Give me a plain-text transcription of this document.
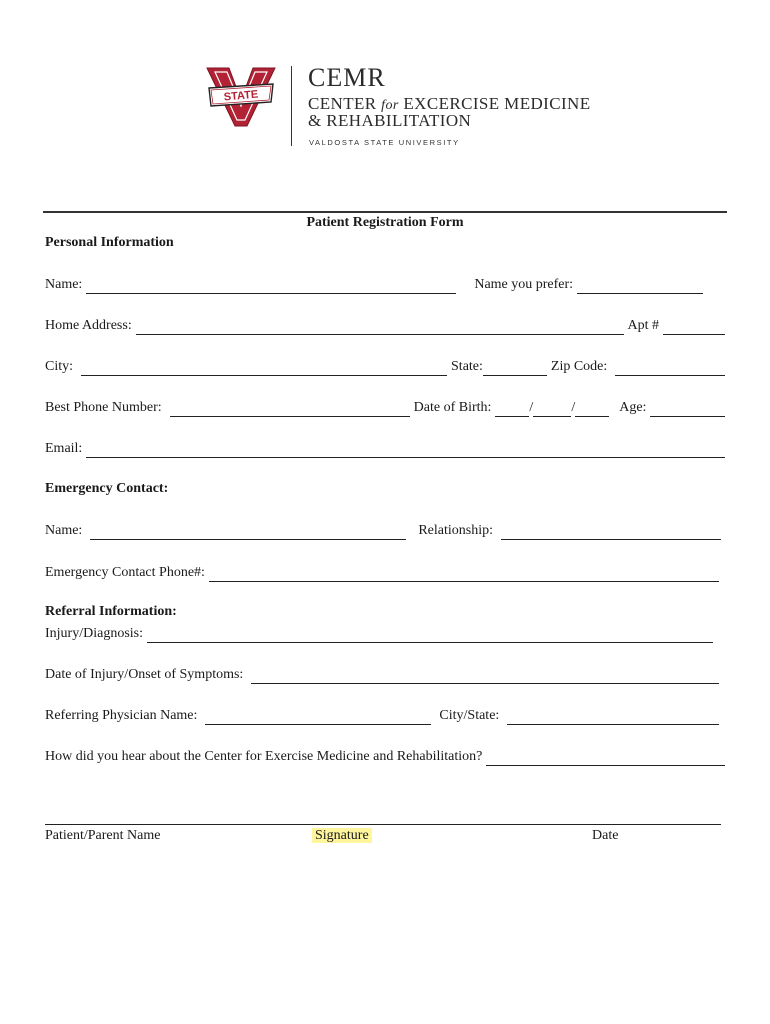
STATE
CEMR
CENTER for EXCERCISE MEDICINE
& REHABILITATION
VALDOSTA STATE UNIVERSITY
Patient Registration Form
Personal Information
Name:	Name you prefer:
Home Address:	Apt #
City:	State:	Zip Code:
Best Phone Number:	Date of Birth:	/	/	Age:
Email:
Emergency Contact:
Name:	Relationship:
Emergency Contact Phone#:
Referral Information:
Injury/Diagnosis:
Date of Injury/Onset of Symptoms:
Referring Physician Name:	City/State:
How did you hear about the Center for Exercise Medicine and Rehabilitation?
Patient/Parent Name	Signature	Date
